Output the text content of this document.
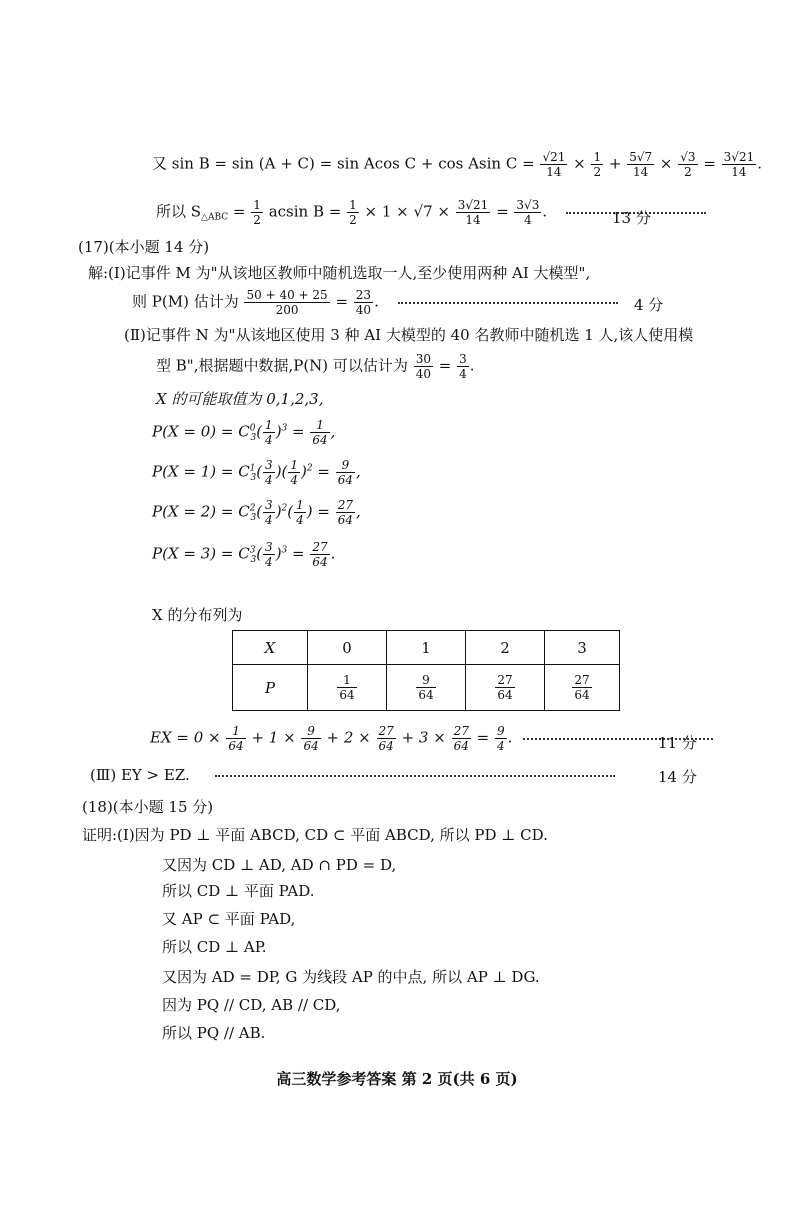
又 sin B = sin (A + C) = sin Acos C + cos Asin $C = \frac{√21}{14} \times \frac{1}{2} + \frac{5√7}{14} \times \frac{√3}{2} = \frac{3√21}{14}$ .
所以 $S_{\triangle ABC} = \frac{1}{2}$ acsin $B = \frac{1}{2} \times 1 \times √7 \times \frac{3√21}{14} = \frac{3√3}{4}$ .	13 分
(17)(本小题 14 分)
解:(Ⅰ)记事件 M 为"从该地区教师中随机选取一人,至少使用两种 AI 大模型",
则 P(M) 估计为 $\frac{50 + 40 + 25}{200} = \frac{23}{40}$ .	4 分
(Ⅱ)记事件 N 为"从该地区使用 3 种 AI 大模型的 40 名教师中随机选 1 人,该人使用模
型 B",根据题中数据,P(N) 可以估计为 $\frac{30}{40} = \frac{3}{4}$ .
X 的可能取值为 0,1,2,3,
$P(X = 0) = C^0_3( \frac{1}{4} )^3 = \frac{1}{64}$ ,
$P(X = 1) = C^1_3( \frac{3}{4}$ )( $\frac{1}{4} )^2 = \frac{9}{64}$ ,
$P(X = 2) = C^2_3( \frac{3}{4} )^2( \frac{1}{4}$ ) = $\frac{27}{64}$ ,
$P(X = 3) = C^3_3( \frac{3}{4} )^3 = \frac{27}{64}$ .
X 的分布列为
X	0	1	2	3
P	$\frac{1}{64}$	$\frac{9}{64}$	$\frac{27}{64}$	$\frac{27}{64}$
EX = $0 \times \frac{1}{64} + 1 \times \frac{9}{64} + 2 \times \frac{27}{64} + 3 \times \frac{27}{64} = \frac{9}{4}$ .	11 分
(Ⅲ) EY > EZ.	14 分
(18)(本小题 15 分)
证明:(Ⅰ)因为 PD ⊥ 平面 ABCD, CD ⊂ 平面 ABCD, 所以 PD ⊥ CD.
又因为 CD ⊥ AD, AD ∩ PD = D,
所以 CD ⊥ 平面 PAD.
又 AP ⊂ 平面 PAD,
所以 CD ⊥ AP.
又因为 AD = DP, G 为线段 AP 的中点, 所以 AP ⊥ DG.
因为 PQ // CD, AB // CD,
所以 PQ // AB.
高三数学参考答案 第 2 页(共 6 页)
